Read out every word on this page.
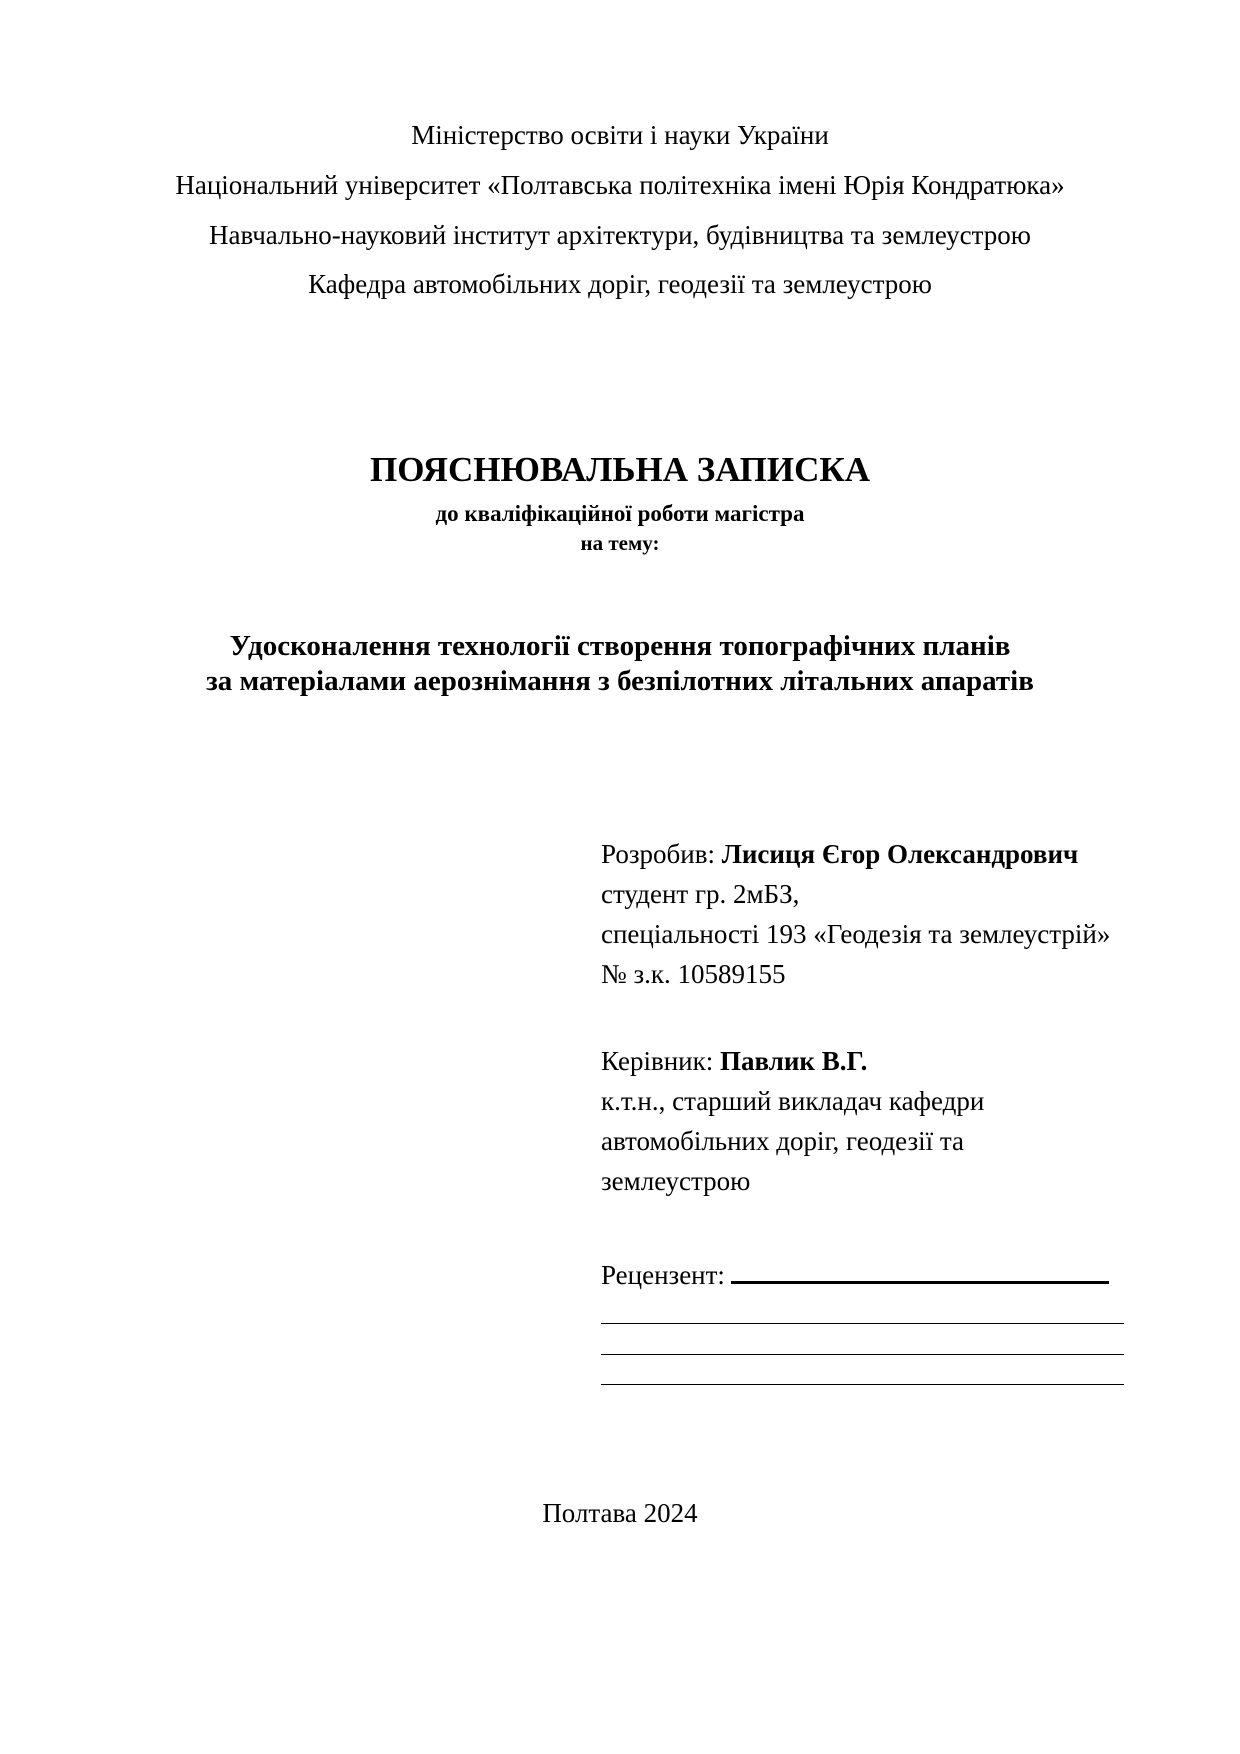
Міністерство освіти і науки України

Національний університет «Полтавська політехніка імені Юрія Кондратюка»

Навчально-науковий інститут архітектури, будівництва та землеустрою

Кафедра автомобільних доріг, геодезії та землеустрою

ПОЯСНЮВАЛЬНА ЗАПИСКА

до кваліфікаційної роботи магістра

на тему:

Удосконалення технології створення топографічних планів

за матеріалами аерознімання з безпілотних літальних апаратів

Розробив: Лисиця Єгор Олександрович
студент гр. 2мБЗ,
спеціальності 193 «Геодезія та землеустрій»
№ з.к. 10589155
Керівник: Павлик В.Г.
к.т.н., старший викладач кафедри
автомобільних доріг, геодезії та
землеустрою
Рецензент:

Полтава 2024
